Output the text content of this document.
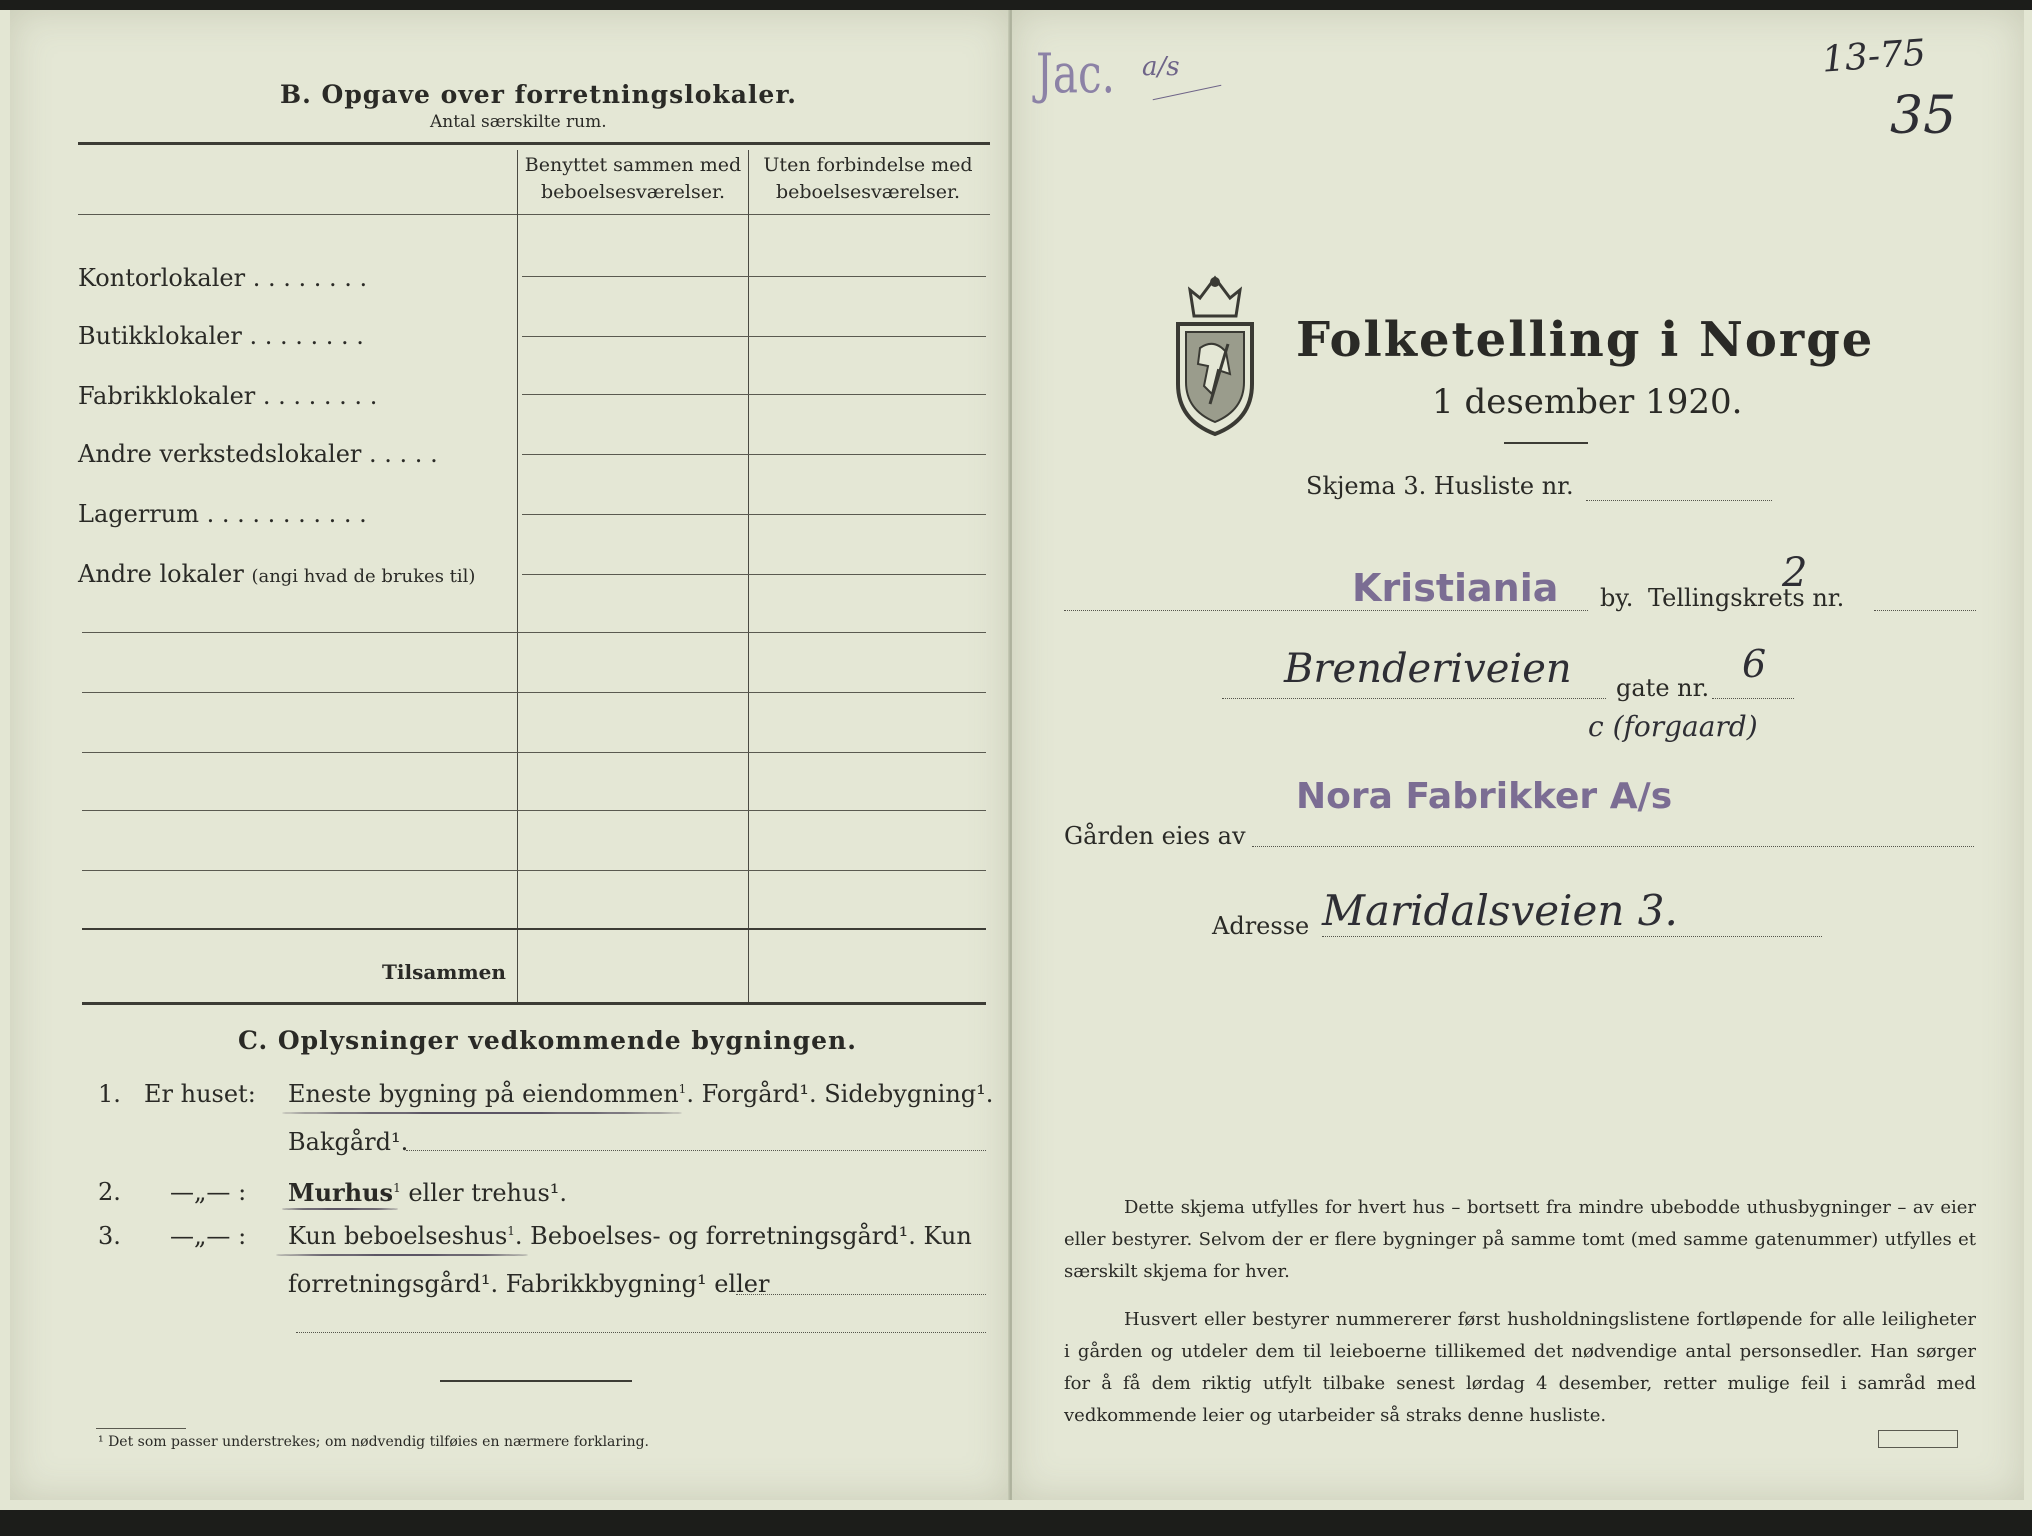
B. Opgave over forretningslokaler.
Antal særskilte rum.
Benyttet sammen med beboelsesværelser.
Uten forbindelse med beboelsesværelser.
Kontorlokaler . . . . . . . .
Butikklokaler . . . . . . . .
Fabrikklokaler . . . . . . . .
Andre verkstedslokaler . . . . .
Lagerrum . . . . . . . . . . .
Andre lokaler (angi hvad de brukes til)
Tilsammen
C. Oplysninger vedkommende bygningen.
1. Er huset: Eneste bygning på eiendommen$^1$. Forgård¹. Sidebygning¹.
Bakgård¹.
2. —„— : Murhus$^1$ eller trehus¹.
3. —„— : Kun beboelseshus$^1$. Beboelses- og forretningsgård¹. Kun
forretningsgård¹. Fabrikkbygning¹ eller
¹ Det som passer understrekes; om nødvendig tilføies en nærmere forklaring.
13-75
35
Jac. a/s
Folketelling i Norge
1 desember 1920.
Skjema 3. Husliste nr.
Kristiania by. Tellingskrets nr.
2
Brenderiveien gate nr.
6
c (forgaard)
Nora Fabrikker A/s
Gården eies av
Adresse Maridalsveien 3.
Dette skjema utfylles for hvert hus – bortsett fra mindre ubebodde uthusbygninger – av eier eller bestyrer. Selvom der er flere bygninger på samme tomt (med samme gatenummer) utfylles et særskilt skjema for hver.
Husvert eller bestyrer nummererer først husholdningslistene fortløpende for alle leiligheter i gården og utdeler dem til leieboerne tillikemed det nødvendige antal personsedler. Han sørger for å få dem riktig utfylt tilbake senest lørdag 4 desember, retter mulige feil i samråd med vedkommende leier og utarbeider så straks denne husliste.
